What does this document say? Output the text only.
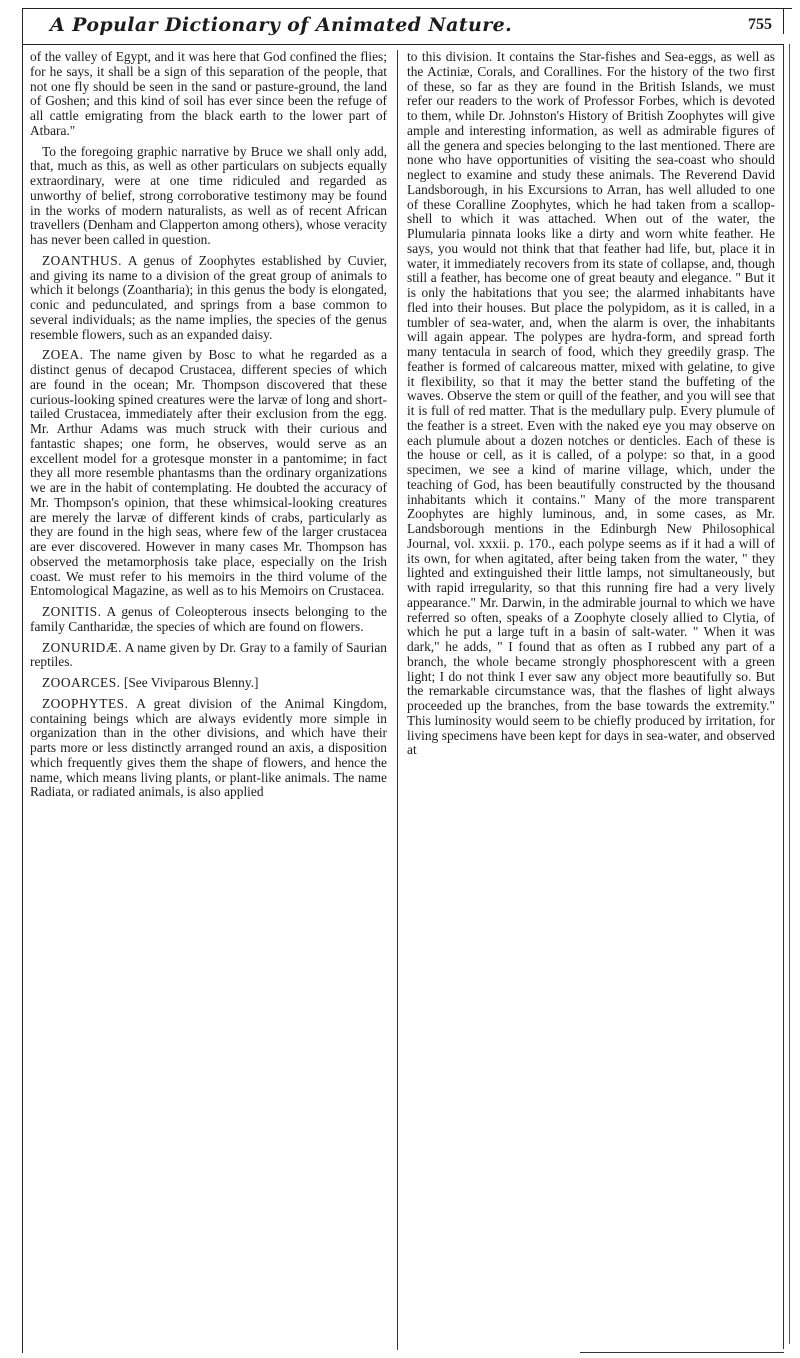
A Popular Dictionary of Animated Nature.	755

of the valley of Egypt, and it was here that God confined the flies; for he says, it shall be a sign of this separation of the people, that not one fly should be seen in the sand or pasture-ground, the land of Goshen; and this kind of soil has ever since been the refuge of all cattle emigrating from the black earth to the lower part of Atbara."

To the foregoing graphic narrative by Bruce we shall only add, that, much as this, as well as other particulars on subjects equally extraordinary, were at one time ridiculed and regarded as unworthy of belief, strong corroborative testimony may be found in the works of modern naturalists, as well as of recent African travellers (Denham and Clapperton among others), whose veracity has never been called in question.

ZOANTHUS. A genus of Zoophytes established by Cuvier, and giving its name to a division of the great group of animals to which it belongs (Zoantharia); in this genus the body is elongated, conic and pedunculated, and springs from a base common to several individuals; as the name implies, the species of the genus resemble flowers, such as an expanded daisy.

ZOEA. The name given by Bosc to what he regarded as a distinct genus of decapod Crustacea, different species of which are found in the ocean; Mr. Thompson discovered that these curious-looking spined creatures were the larvæ of long and short-tailed Crustacea, immediately after their exclusion from the egg. Mr. Arthur Adams was much struck with their curious and fantastic shapes; one form, he observes, would serve as an excellent model for a grotesque monster in a pantomime; in fact they all more resemble phantasms than the ordinary organizations we are in the habit of contemplating. He doubted the accuracy of Mr. Thompson's opinion, that these whimsical-looking creatures are merely the larvæ of different kinds of crabs, particularly as they are found in the high seas, where few of the larger crustacea are ever discovered. However in many cases Mr. Thompson has observed the metamorphosis take place, especially on the Irish coast. We must refer to his memoirs in the third volume of the Entomological Magazine, as well as to his Memoirs on Crustacea.

ZONITIS. A genus of Coleopterous insects belonging to the family Cantharidæ, the species of which are found on flowers.

ZONURIDÆ. A name given by Dr. Gray to a family of Saurian reptiles.

ZOOARCES. [See Viviparous Blenny.]

ZOOPHYTES. A great division of the Animal Kingdom, containing beings which are always evidently more simple in organization than in the other divisions, and which have their parts more or less distinctly arranged round an axis, a disposition which frequently gives them the shape of flowers, and hence the name, which means living plants, or plant-like animals. The name Radiata, or radiated animals, is also applied

to this division. It contains the Star-fishes and Sea-eggs, as well as the Actiniæ, Corals, and Corallines. For the history of the two first of these, so far as they are found in the British Islands, we must refer our readers to the work of Professor Forbes, which is devoted to them, while Dr. Johnston's History of British Zoophytes will give ample and interesting information, as well as admirable figures of all the genera and species belonging to the last mentioned. There are none who have opportunities of visiting the sea-coast who should neglect to examine and study these animals. The Reverend David Landsborough, in his Excursions to Arran, has well alluded to one of these Coralline Zoophytes, which he had taken from a scallop-shell to which it was attached. When out of the water, the Plumularia pinnata looks like a dirty and worn white feather. He says, you would not think that that feather had life, but, place it in water, it immediately recovers from its state of collapse, and, though still a feather, has become one of great beauty and elegance. " But it is only the habitations that you see; the alarmed inhabitants have fled into their houses. But place the polypidom, as it is called, in a tumbler of sea-water, and, when the alarm is over, the inhabitants will again appear. The polypes are hydra-form, and spread forth many tentacula in search of food, which they greedily grasp. The feather is formed of calcareous matter, mixed with gelatine, to give it flexibility, so that it may the better stand the buffeting of the waves. Observe the stem or quill of the feather, and you will see that it is full of red matter. That is the medullary pulp. Every plumule of the feather is a street. Even with the naked eye you may observe on each plumule about a dozen notches or denticles. Each of these is the house or cell, as it is called, of a polype: so that, in a good specimen, we see a kind of marine village, which, under the teaching of God, has been beautifully constructed by the thousand inhabitants which it contains." Many of the more transparent Zoophytes are highly luminous, and, in some cases, as Mr. Landsborough mentions in the Edinburgh New Philosophical Journal, vol. xxxii. p. 170., each polype seems as if it had a will of its own, for when agitated, after being taken from the water, " they lighted and extinguished their little lamps, not simultaneously, but with rapid irregularity, so that this running fire had a very lively appearance." Mr. Darwin, in the admirable journal to which we have referred so often, speaks of a Zoophyte closely allied to Clytia, of which he put a large tuft in a basin of salt-water. " When it was dark," he adds, " I found that as often as I rubbed any part of a branch, the whole became strongly phosphorescent with a green light; I do not think I ever saw any object more beautifully so. But the remarkable circumstance was, that the flashes of light always proceeded up the branches, from the base towards the extremity." This luminosity would seem to be chiefly produced by irritation, for living specimens have been kept for days in sea-water, and observed at
